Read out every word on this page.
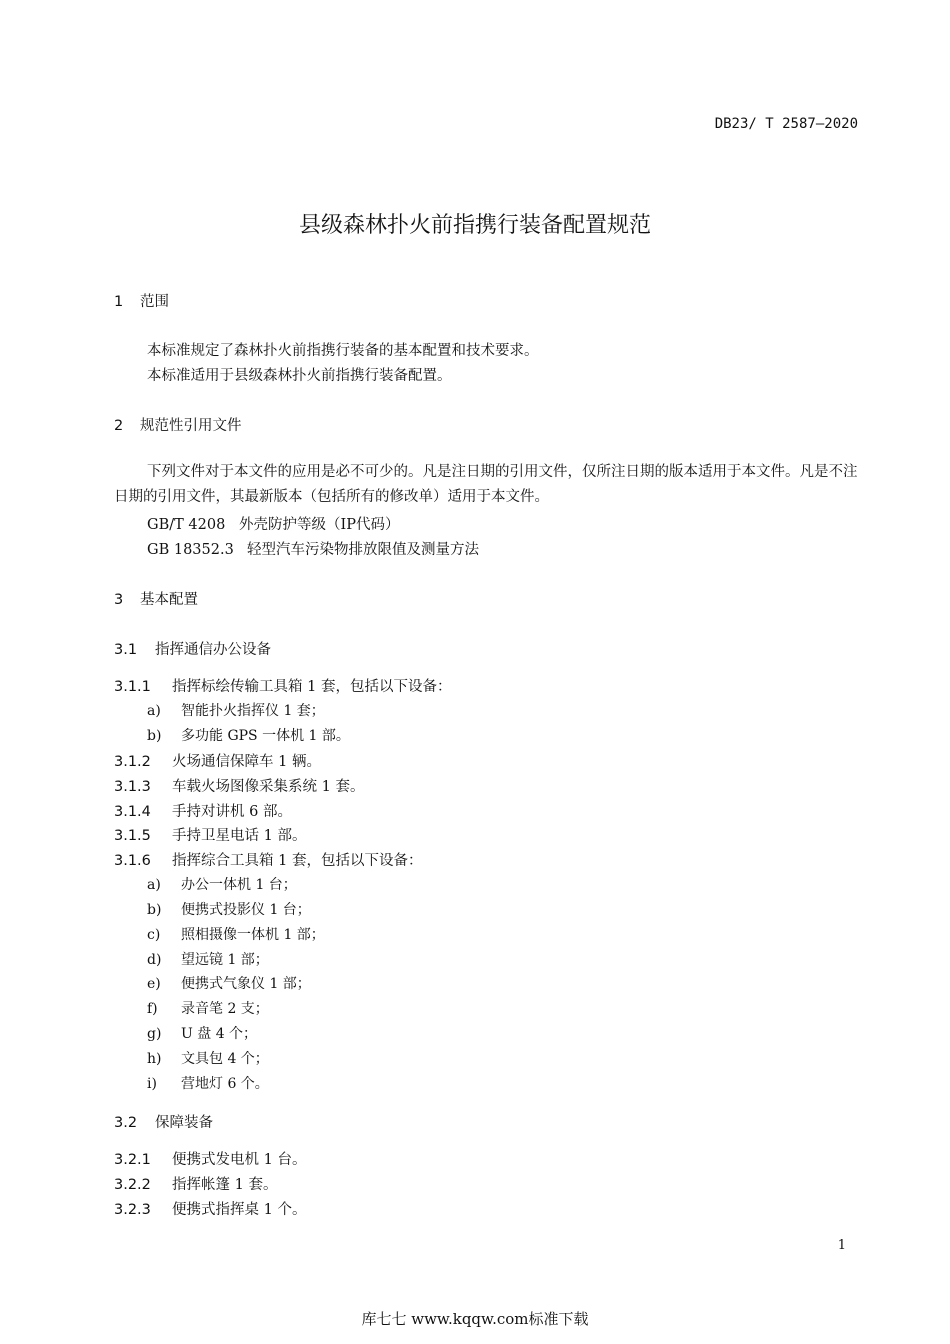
DB23/ T 2587—2020
县级森林扑火前指携行装备配置规范
1 范围
本标准规定了森林扑火前指携行装备的基本配置和技术要求。
本标准适用于县级森林扑火前指携行装备配置。
2 规范性引用文件
下列文件对于本文件的应用是必不可少的。凡是注日期的引用文件，仅所注日期的版本适用于本文件。凡是不注日期的引用文件，其最新版本（包括所有的修改单）适用于本文件。
GB/T 4208 外壳防护等级（IP代码）
GB 18352.3 轻型汽车污染物排放限值及测量方法
3 基本配置
3.1 指挥通信办公设备
3.1.1 指挥标绘传输工具箱 1 套，包括以下设备：
a) 智能扑火指挥仪 1 套；
b) 多功能 GPS 一体机 1 部。
3.1.2 火场通信保障车 1 辆。
3.1.3 车载火场图像采集系统 1 套。
3.1.4 手持对讲机 6 部。
3.1.5 手持卫星电话 1 部。
3.1.6 指挥综合工具箱 1 套，包括以下设备：
a) 办公一体机 1 台；
b) 便携式投影仪 1 台；
c) 照相摄像一体机 1 部；
d) 望远镜 1 部；
e) 便携式气象仪 1 部；
f) 录音笔 2 支；
g) U 盘 4 个；
h) 文具包 4 个；
i) 营地灯 6 个。
3.2 保障装备
3.2.1 便携式发电机 1 台。
3.2.2 指挥帐篷 1 套。
3.2.3 便携式指挥桌 1 个。
1
库七七 www.kqqw.com标准下载
